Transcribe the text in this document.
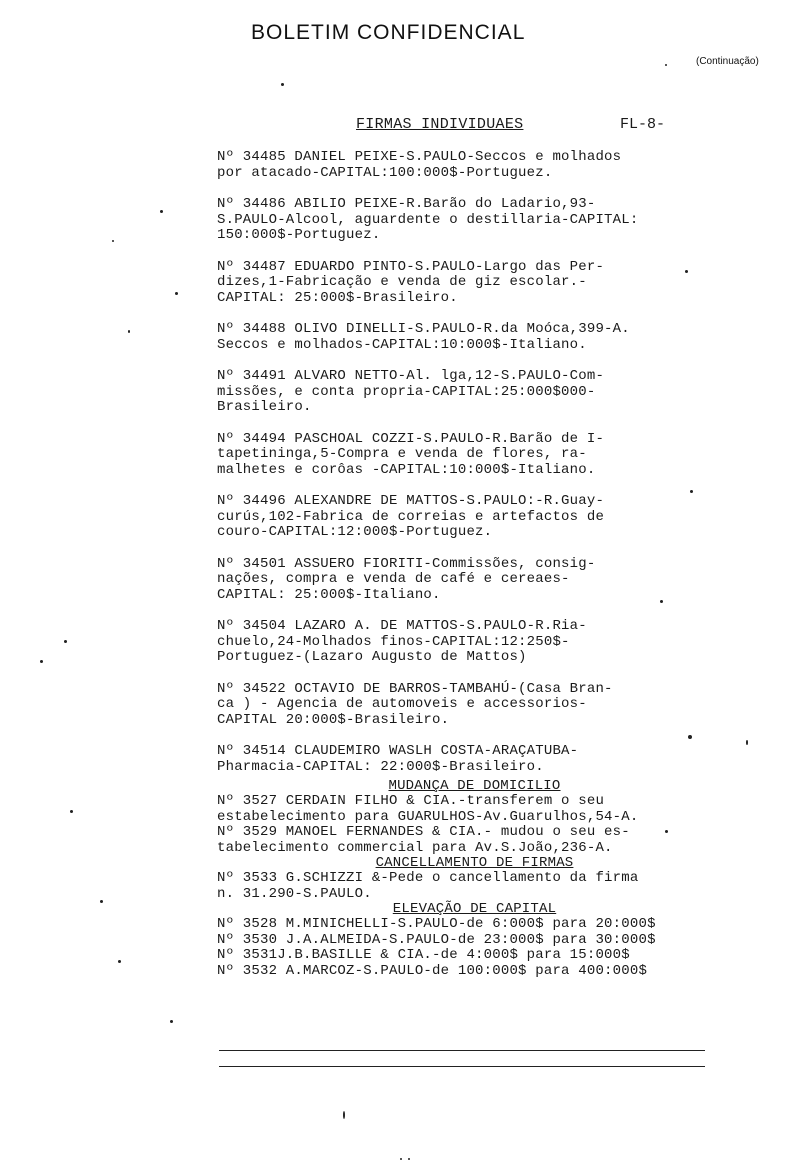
BOLETIM CONFIDENCIAL
(Continuação)
FIRMAS INDIVIDUAES	FL-8-
Nº 34485 DANIEL PEIXE-S.PAULO-Seccos e molhados
por atacado-CAPITAL:100:000$-Portuguez.
Nº 34486 ABILIO PEIXE-R.Barão do Ladario,93-
S.PAULO-Alcool, aguardente o destillaria-CAPITAL:
150:000$-Portuguez.
Nº 34487 EDUARDO PINTO-S.PAULO-Largo das Per-
dizes,1-Fabricação e venda de giz escolar.-
CAPITAL: 25:000$-Brasileiro.
Nº 34488 OLIVO DINELLI-S.PAULO-R.da Moóca,399-A.
Seccos e molhados-CAPITAL:10:000$-Italiano.
Nº 34491 ALVARO NETTO-Al. lga,12-S.PAULO-Com-
missões, e conta propria-CAPITAL:25:000$000-
Brasileiro.
Nº 34494 PASCHOAL COZZI-S.PAULO-R.Barão de I-
tapetininga,5-Compra e venda de flores, ra-
malhetes e corôas -CAPITAL:10:000$-Italiano.
Nº 34496 ALEXANDRE DE MATTOS-S.PAULO:-R.Guay-
curús,102-Fabrica de correias e artefactos de
couro-CAPITAL:12:000$-Portuguez.
Nº 34501 ASSUERO FIORITI-Commissões, consig-
nações, compra e venda de café e cereaes-
CAPITAL: 25:000$-Italiano.
Nº 34504 LAZARO A. DE MATTOS-S.PAULO-R.Ria-
chuelo,24-Molhados finos-CAPITAL:12:250$-
Portuguez-(Lazaro Augusto de Mattos)
Nº 34522 OCTAVIO DE BARROS-TAMBAHÚ-(Casa Bran-
ca ) - Agencia de automoveis e accessorios-
CAPITAL 20:000$-Brasileiro.
Nº 34514 CLAUDEMIRO WASLH COSTA-ARAÇATUBA-
Pharmacia-CAPITAL: 22:000$-Brasileiro.
MUDANÇA DE DOMICILIO
Nº 3527 CERDAIN FILHO & CIA.-transferem o seu
estabelecimento para GUARULHOS-Av.Guarulhos,54-A.
Nº 3529 MANOEL FERNANDES & CIA.- mudou o seu es-
tabelecimento commercial para Av.S.João,236-A.
CANCELLAMENTO DE FIRMAS
Nº 3533 G.SCHIZZI &-Pede o cancellamento da firma
n. 31.290-S.PAULO.
ELEVAÇÃO DE CAPITAL
Nº 3528 M.MINICHELLI-S.PAULO-de 6:000$ para 20:000$
Nº 3530 J.A.ALMEIDA-S.PAULO-de 23:000$ para 30:000$
Nº 3531J.B.BASILLE & CIA.-de 4:000$ para 15:000$
Nº 3532 A.MARCOZ-S.PAULO-de 100:000$ para 400:000$
